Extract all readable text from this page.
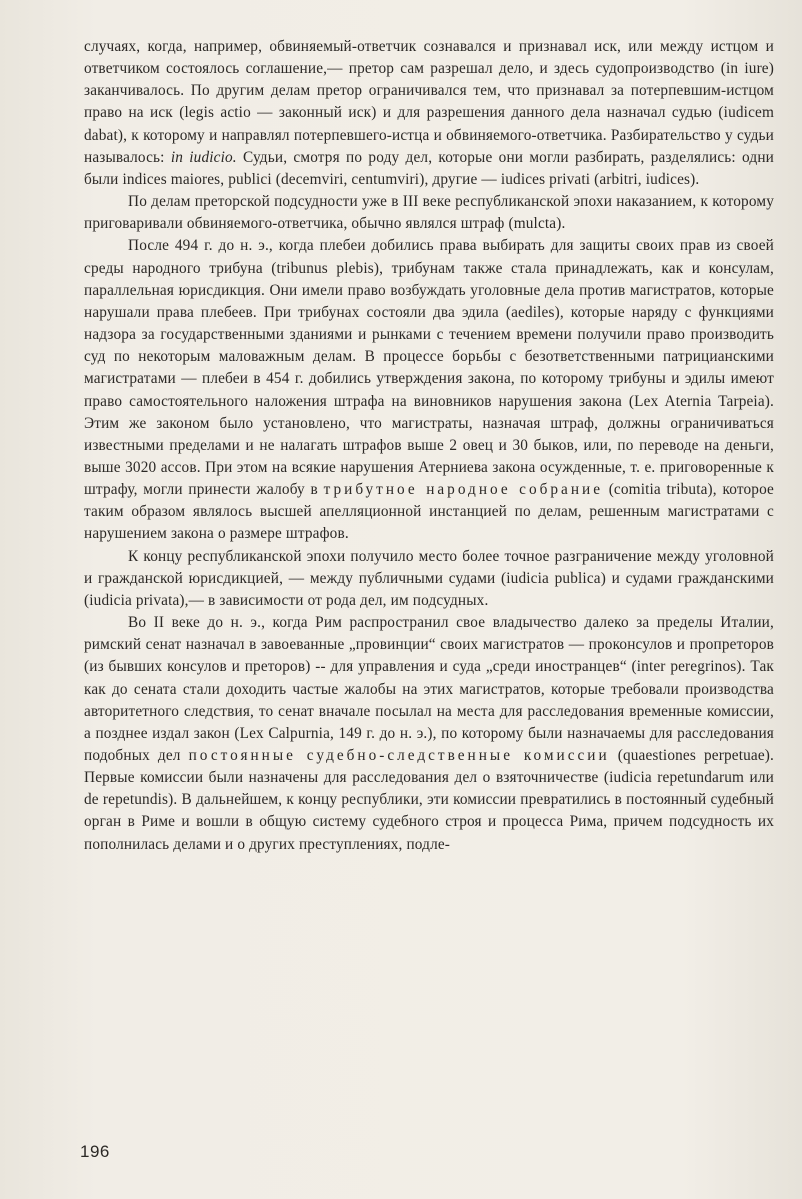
случаях, когда, например, обвиняемый-ответчик сознавался и признавал иск, или между истцом и ответчиком состоялось соглашение,— претор сам разрешал дело, и здесь судопроизводство (in iure) заканчивалось. По другим делам претор ограничивался тем, что признавал за потерпевшим-истцом право на иск (legis actio — законный иск) и для разрешения данного дела назначал судью (iudicem dabat), к которому и направлял потерпевшего-истца и обвиняемого-ответчика. Разбирательство у судьи называлось: in iudicio. Судьи, смотря по роду дел, которые они могли разбирать, разделялись: одни были indices maiores, publici (decemviri, centumviri), другие — iudices privati (arbitri, iudices).

По делам преторской подсудности уже в III веке республиканской эпохи наказанием, к которому приговаривали обвиняемого-ответчика, обычно являлся штраф (mulcta).

После 494 г. до н. э., когда плебеи добились права выбирать для защиты своих прав из своей среды народного трибуна (tribunus plebis), трибунам также стала принадлежать, как и консулам, параллельная юрисдикция. Они имели право возбуждать уголовные дела против магистратов, которые нарушали права плебеев. При трибунах состояли два эдила (aediles), которые наряду с функциями надзора за государственными зданиями и рынками с течением времени получили право производить суд по некоторым маловажным делам. В процессе борьбы с безответственными патрицианскими магистратами — плебеи в 454 г. добились утверждения закона, по которому трибуны и эдилы имеют право самостоятельного наложения штрафа на виновников нарушения закона (Lex Aternia Tarpeia). Этим же законом было установлено, что магистраты, назначая штраф, должны ограничиваться известными пределами и не налагать штрафов выше 2 овец и 30 быков, или, по переводе на деньги, выше 3020 ассов. При этом на всякие нарушения Атерниева закона осужденные, т. е. приговоренные к штрафу, могли принести жалобу в трибутное народное собрание (comitia tributa), которое таким образом являлось высшей апелляционной инстанцией по делам, решенным магистратами с нарушением закона о размере штрафов.

К концу республиканской эпохи получило место более точное разграничение между уголовной и гражданской юрисдикцией, — между публичными судами (iudicia publica) и судами гражданскими (iudicia privata),— в зависимости от рода дел, им подсудных.

Во II веке до н. э., когда Рим распространил свое владычество далеко за пределы Италии, римский сенат назначал в завоеванные „провинции“ своих магистратов — проконсулов и пропреторов (из бывших консулов и преторов) -- для управления и суда „среди иностранцев“ (inter peregrinos). Так как до сената стали доходить частые жалобы на этих магистратов, которые требовали производства авторитетного следствия, то сенат вначале посылал на места для расследования временные комиссии, а позднее издал закон (Lex Calpurnia, 149 г. до н. э.), по которому были назначаемы для расследования подобных дел постоянные судебно-следственные комиссии (quaestiones perpetuae). Первые комиссии были назначены для расследования дел о взяточничестве (iudicia repetundarum или de repetundis). В дальнейшем, к концу республики, эти комиссии превратились в постоянный судебный орган в Риме и вошли в общую систему судебного строя и процесса Рима, причем подсудность их пополнилась делами и о других преступлениях, подле-

196
